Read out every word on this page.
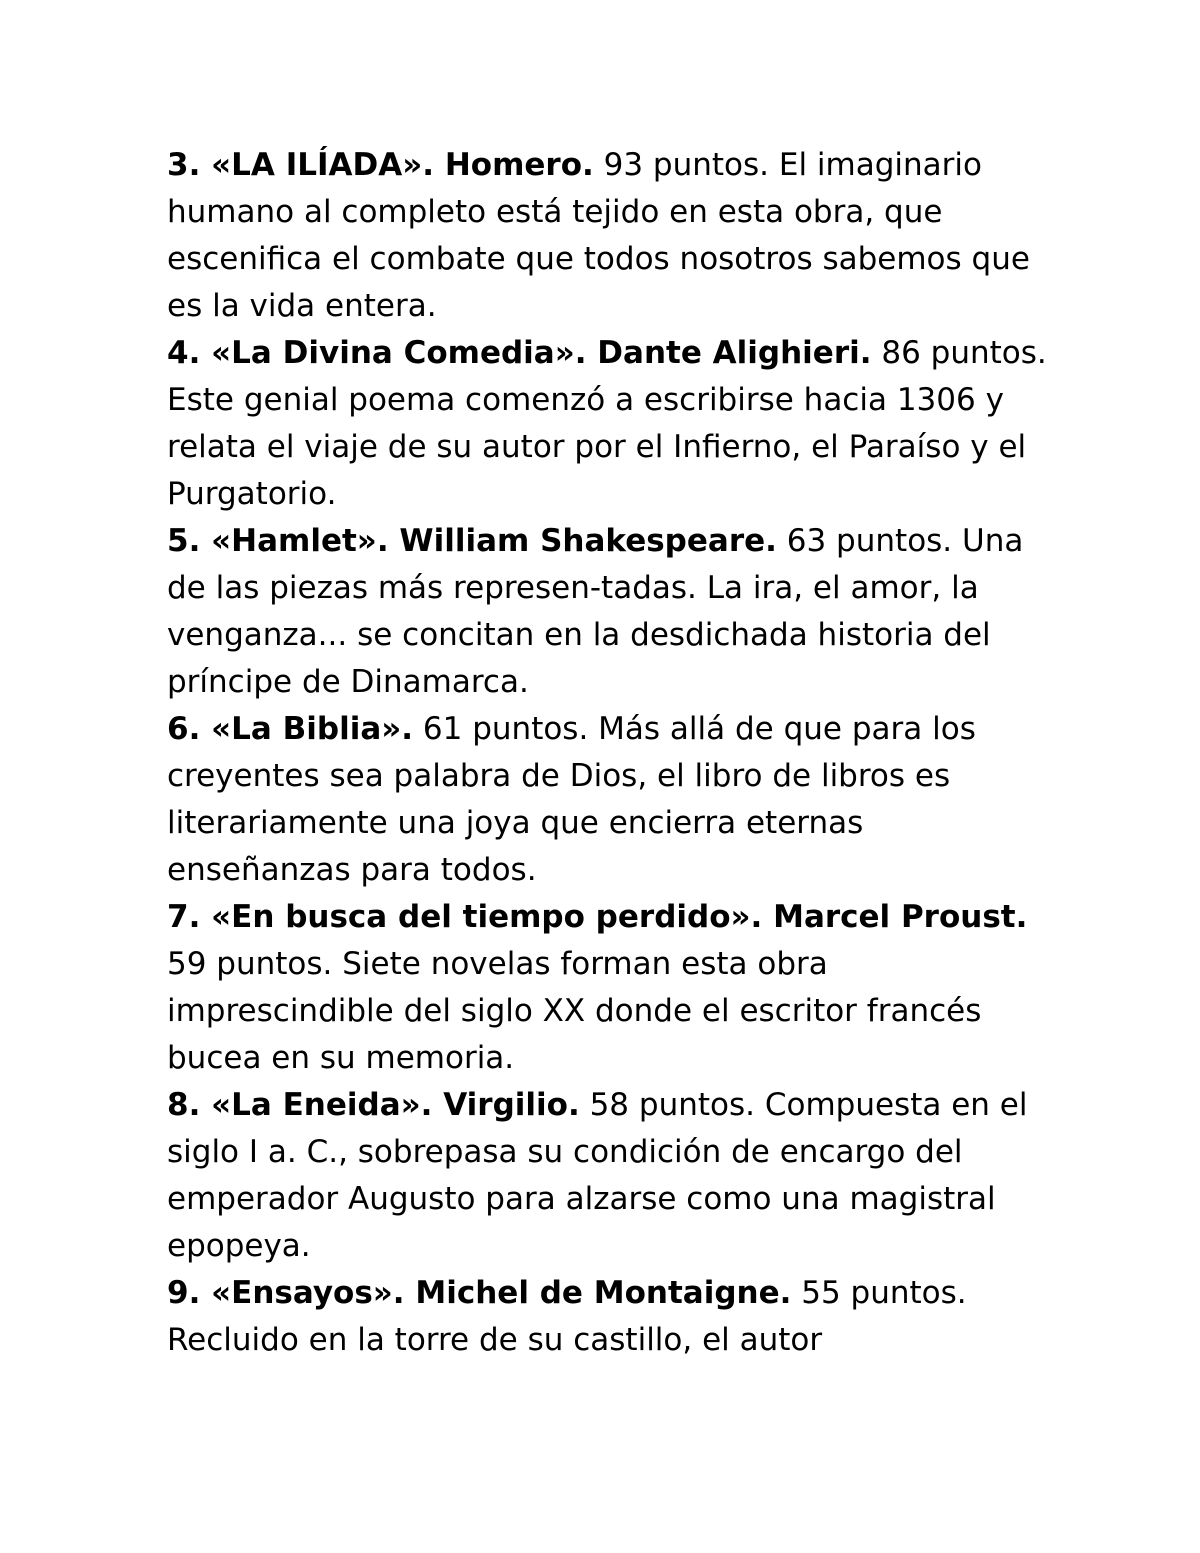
3. «LA ILÍADA». Homero. 93 puntos. El imaginario humano al completo está tejido en esta obra, que escenifica el combate que todos nosotros sabemos que es la vida entera.

4. «La Divina Comedia». Dante Alighieri. 86 puntos. Este genial poema comenzó a escribirse hacia 1306 y relata el viaje de su autor por el Infierno, el Paraíso y el Purgatorio.

5. «Hamlet». William Shakespeare. 63 puntos. Una de las piezas más represen-tadas. La ira, el amor, la venganza... se concitan en la desdichada historia del príncipe de Dinamarca.

6. «La Biblia». 61 puntos. Más allá de que para los creyentes sea palabra de Dios, el libro de libros es literariamente una joya que encierra eternas enseñanzas para todos.

7. «En busca del tiempo perdido». Marcel Proust. 59 puntos. Siete novelas forman esta obra imprescindible del siglo XX donde el escritor francés bucea en su memoria.

8. «La Eneida». Virgilio. 58 puntos. Compuesta en el siglo I a. C., sobrepasa su condición de encargo del emperador Augusto para alzarse como una magistral epopeya.

9. «Ensayos». Michel de Montaigne. 55 puntos. Recluido en la torre de su castillo, el autor
